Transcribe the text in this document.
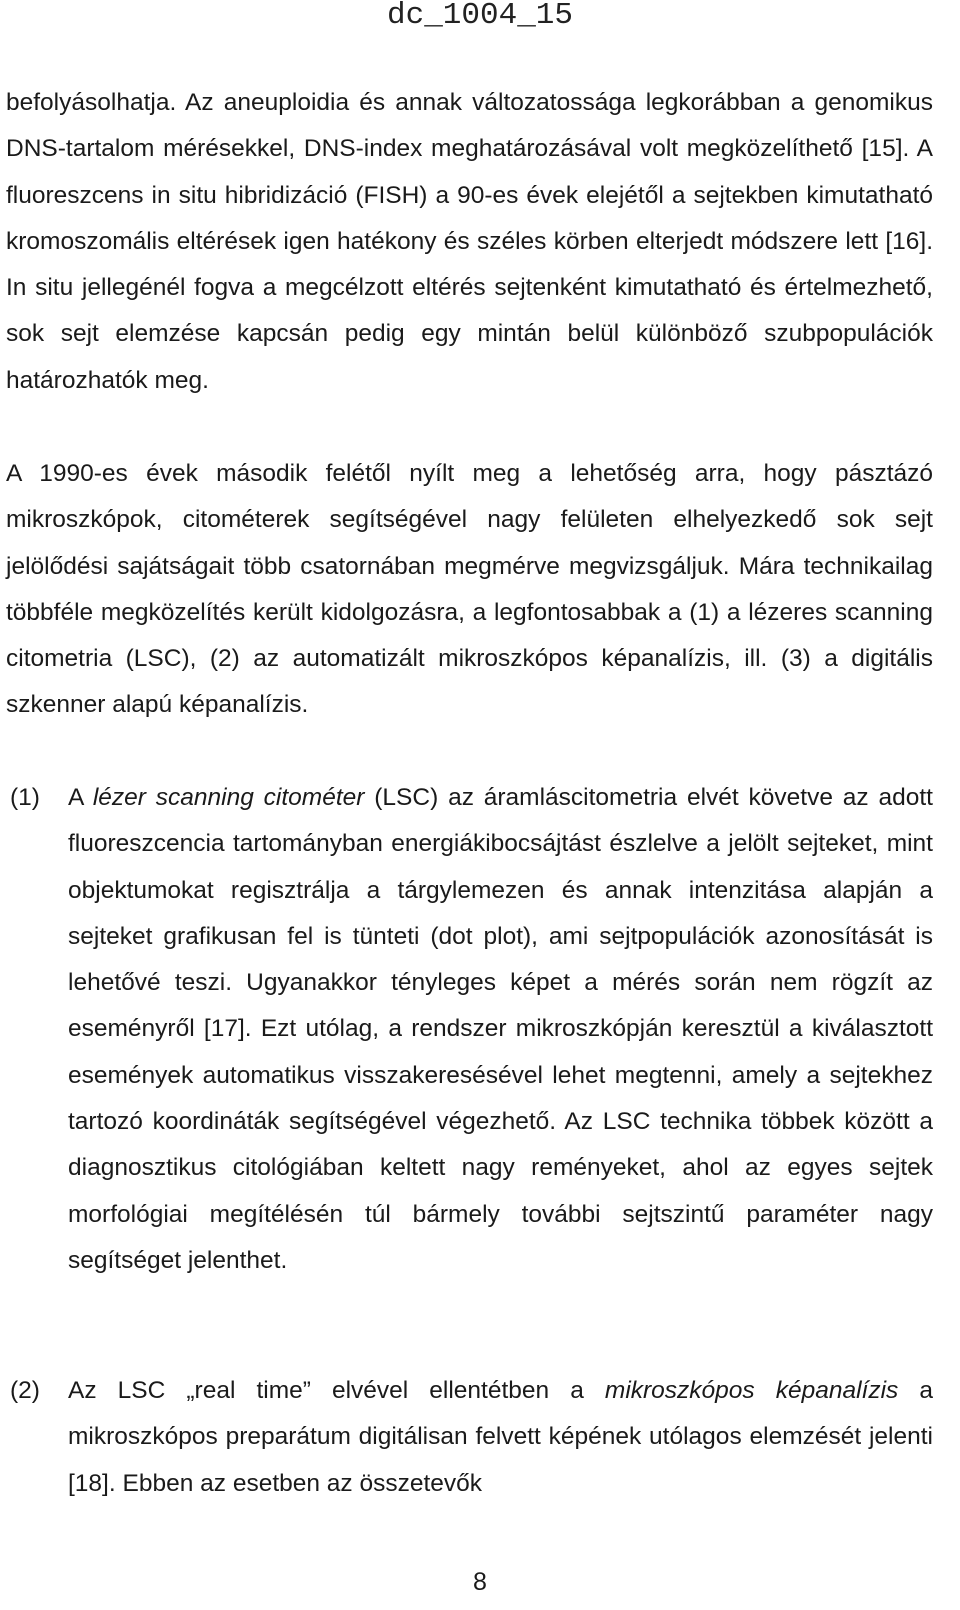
dc_1004_15

befolyásolhatja. Az aneuploidia és annak változatossága legkorábban a genomikus DNS-tartalom mérésekkel, DNS-index meghatározásával volt megközelíthető [15]. A fluoreszcens in situ hibridizáció (FISH) a 90-es évek elejétől a sejtekben kimutatható kromoszomális eltérések igen hatékony és széles körben elterjedt módszere lett [16]. In situ jellegénél fogva a megcélzott eltérés sejtenként kimutatható és értelmezhető, sok sejt elemzése kapcsán pedig egy mintán belül különböző szubpopulációk határozhatók meg.

A 1990-es évek második felétől nyílt meg a lehetőség arra, hogy pásztázó mikroszkópok, citométerek segítségével nagy felületen elhelyezkedő sok sejt jelölődési sajátságait több csatornában megmérve megvizsgáljuk. Mára technikailag többféle megközelítés került kidolgozásra, a legfontosabbak a (1) a lézeres scanning citometria (LSC), (2) az automatizált mikroszkópos képanalízis, ill. (3) a digitális szkenner alapú képanalízis.

(1) A lézer scanning citométer (LSC) az áramláscitometria elvét követve az adott fluoreszcencia tartományban energiákibocsájtást észlelve a jelölt sejteket, mint objektumokat regisztrálja a tárgylemezen és annak intenzitása alapján a sejteket grafikusan fel is tünteti (dot plot), ami sejtpopulációk azonosítását is lehetővé teszi. Ugyanakkor tényleges képet a mérés során nem rögzít az eseményről [17]. Ezt utólag, a rendszer mikroszkópján keresztül a kiválasztott események automatikus visszakeresésével lehet megtenni, amely a sejtekhez tartozó koordináták segítségével végezhető. Az LSC technika többek között a diagnosztikus citológiában keltett nagy reményeket, ahol az egyes sejtek morfológiai megítélésén túl bármely további sejtszintű paraméter nagy segítséget jelenthet.

(2) Az LSC „real time” elvével ellentétben a mikroszkópos képanalízis a mikroszkópos preparátum digitálisan felvett képének utólagos elemzését jelenti [18]. Ebben az esetben az összetevők

8
